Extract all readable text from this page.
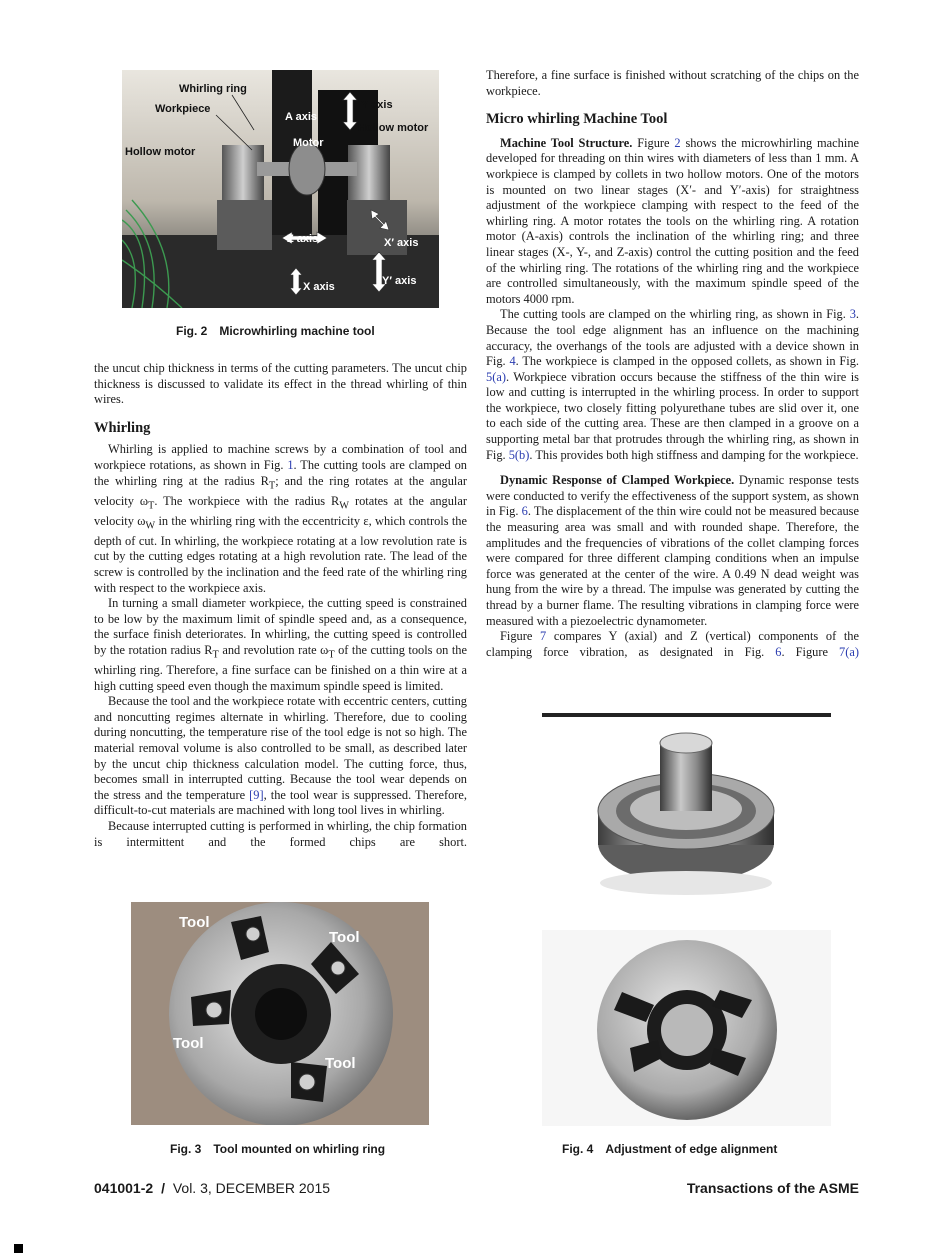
Whirling ring
Workpiece
A axis
Motor
Y axis
Hollow motor
Hollow motor
Z axis	X′ axis
Y′ axis
X axis
Fig. 2 Microwhirling machine tool

the uncut chip thickness in terms of the cutting parameters. The uncut chip thickness is discussed to validate its effect in the thread whirling of thin wires.

Whirling

Whirling is applied to machine screws by a combination of tool and workpiece rotations, as shown in Fig. 1. The cutting tools are clamped on the whirling ring at the radius $R_T$; and the ring rotates at the angular velocity $\omega_T$. The workpiece with the radius $R_W$ rotates at the angular velocity $\omega_W$ in the whirling ring with the eccentricity ε, which controls the depth of cut. In whirling, the workpiece rotating at a low revolution rate is cut by the cutting edges rotating at a high revolution rate. The lead of the screw is controlled by the inclination and the feed rate of the whirling ring with respect to the workpiece axis.

In turning a small diameter workpiece, the cutting speed is constrained to be low by the maximum limit of spindle speed and, as a consequence, the surface finish deteriorates. In whirling, the cutting speed is controlled by the rotation radius $R_T$ and revolution rate $\omega_T$ of the cutting tools on the whirling ring. Therefore, a fine surface can be finished on a thin wire at a high cutting speed even though the maximum spindle speed is limited.

Because the tool and the workpiece rotate with eccentric centers, cutting and noncutting regimes alternate in whirling. Therefore, due to cooling during noncutting, the temperature rise of the tool edge is not so high. The material removal volume is also controlled to be small, as described later by the uncut chip thickness calculation model. The cutting force, thus, becomes small in interrupted cutting. Because the tool wear depends on the stress and the temperature [9], the tool wear is suppressed. Therefore, difficult-to-cut materials are machined with long tool lives in whirling.

Because interrupted cutting is performed in whirling, the chip formation is intermittent and the formed chips are short.

Therefore, a fine surface is finished without scratching of the chips on the workpiece.

Micro whirling Machine Tool

Machine Tool Structure. Figure 2 shows the microwhirling machine developed for threading on thin wires with diameters of less than 1 mm. A workpiece is clamped by collets in two hollow motors. One of the motors is mounted on two linear stages (X′- and Y′-axis) for straightness adjustment of the workpiece clamping with respect to the feed of the whirling ring. A motor rotates the tools on the whirling ring. A rotation motor (A-axis) controls the inclination of the whirling ring; and three linear stages (X-, Y-, and Z-axis) control the cutting position and the feed of the whirling ring. The rotations of the whirling ring and the workpiece are controlled simultaneously, with the maximum spindle speed of the motors 4000 rpm.

The cutting tools are clamped on the whirling ring, as shown in Fig. 3. Because the tool edge alignment has an influence on the machining accuracy, the overhangs of the tools are adjusted with a device shown in Fig. 4. The workpiece is clamped in the opposed collets, as shown in Fig. 5(a). Workpiece vibration occurs because the stiffness of the thin wire is low and cutting is interrupted in the whirling process. In order to support the workpiece, two closely fitting polyurethane tubes are slid over it, one to each side of the cutting area. These are then clamped in a groove on a supporting metal bar that protrudes through the whirling ring, as shown in Fig. 5(b). This provides both high stiffness and damping for the workpiece.

Dynamic Response of Clamped Workpiece. Dynamic response tests were conducted to verify the effectiveness of the support system, as shown in Fig. 6. The displacement of the thin wire could not be measured because the measuring area was small and with rounded shape. Therefore, the amplitudes and the frequencies of vibrations of the collet clamping forces were compared for three different clamping conditions when an impulse force was generated at the center of the wire. A 0.49 N dead weight was hung from the wire by a thread. The impulse was generated by cutting the thread by a burner flame. The resulting vibrations in clamping force were measured with a piezoelectric dynamometer.

Figure 7 compares Y (axial) and Z (vertical) components of the clamping force vibration, as designated in Fig. 6. Figure 7(a)

Tool
Tool
Tool
Tool
Fig. 3 Tool mounted on whirling ring	Fig. 4 Adjustment of edge alignment
041001-2 / Vol. 3, DECEMBER 2015	Transactions of the ASME
